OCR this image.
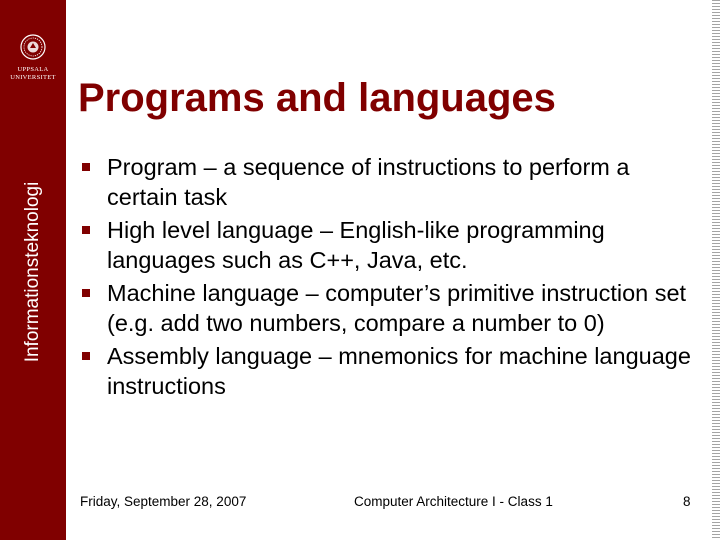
UPPSALA
UNIVERSITET
Informationsteknologi
Programs and languages
Program – a sequence of instructions to perform a certain task
High level language – English-like programming languages such as C++, Java, etc.
Machine language – computer’s primitive instruction set (e.g. add two numbers, compare a number to 0)
Assembly language – mnemonics for machine language instructions
Friday, September 28, 2007	Computer Architecture I - Class 1	8
